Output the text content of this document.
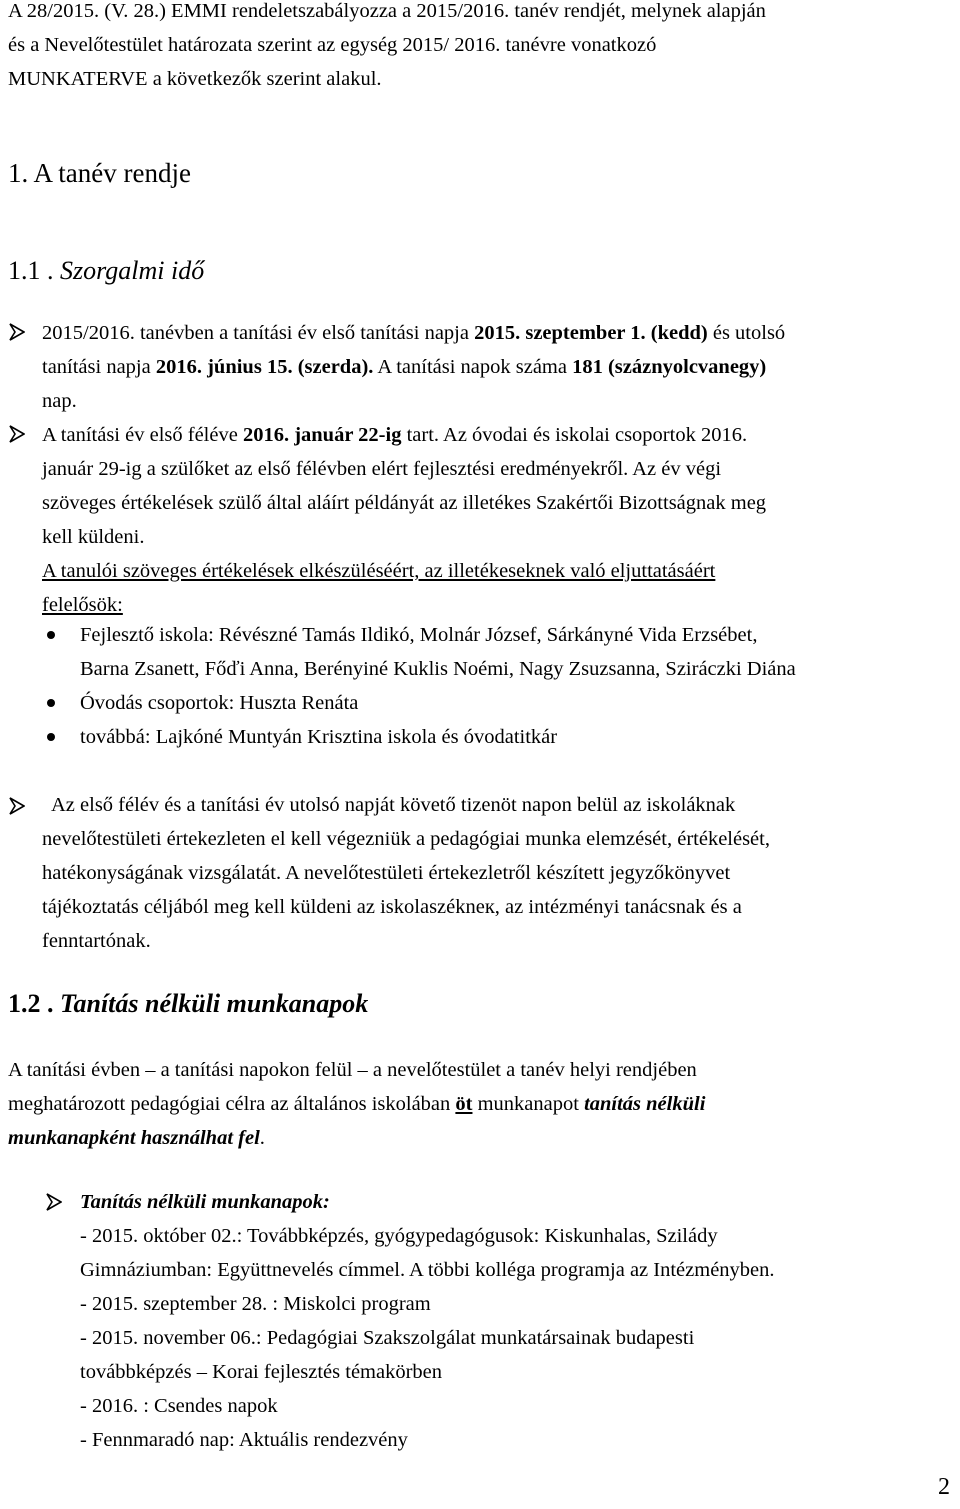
A 28/2015. (V. 28.) EMMI rendeletszabályozza a 2015/2016. tanév rendjét, melynek alapján
és a Nevelőtestület határozata szerint az egység 2015/ 2016. tanévre vonatkozó
MUNKATERVE a következők szerint alakul.
1. A tanév rendje
1.1 . Szorgalmi idő
2015/2016. tanévben a tanítási év első tanítási napja 2015. szeptember 1. (kedd) és utolsó
tanítási napja 2016. június 15. (szerda). A tanítási napok száma 181 (száznyolcvanegy)
nap.
A tanítási év első féléve 2016. január 22-ig tart. Az óvodai és iskolai csoportok 2016.
január 29-ig a szülőket az első félévben elért fejlesztési eredményekről. Az év végi
szöveges értékelések szülő által aláírt példányát az illetékes Szakértői Bizottságnak meg
kell küldeni.
A tanulói szöveges értékelések elkészüléséért, az illetékeseknek való eljuttatásáért
felelősök:
Fejlesztő iskola: Révészné Tamás Ildikó, Molnár József, Sárkányné Vida Erzsébet,
Barna Zsanett, Főďi Anna, Berényiné Kuklis Noémi, Nagy Zsuzsanna, Sziráczki Diána
Óvodás csoportok: Huszta Renáta
továbbá: Lajkóné Muntyán Krisztina iskola és óvodatitkár
Az első félév és a tanítási év utolsó napját követő tizenöt napon belül az iskoláknak
nevelőtestületi értekezleten el kell végezniük a pedagógiai munka elemzését, értékelését,
hatékonyságának vizsgálatát. A nevelőtestületi értekezletről készített jegyzőkönyvet
tájékoztatás céljából meg kell küldeni az iskolaszékneк, az intézményi tanácsnak és a
fenntartónak.
1.2 . Tanítás nélküli munkanapok
A tanítási évben – a tanítási napokon felül – a nevelőtestület a tanév helyi rendjében
meghatározott pedagógiai célra az általános iskolában öt munkanapot tanítás nélküli
munkanapként használhat fel.
Tanítás nélküli munkanapok:
- 2015. október 02.: Továbbképzés, gyógypedagógusok: Kiskunhalas, Szilády
Gimnáziumban: Együttnevelés címmel. A többi kolléga programja az Intézményben.
- 2015. szeptember 28. : Miskolci program
- 2015. november 06.: Pedagógiai Szakszolgálat munkatársainak budapesti
továbbképzés – Korai fejlesztés témakörben
- 2016. : Csendes napok
- Fennmaradó nap: Aktuális rendezvény
2
